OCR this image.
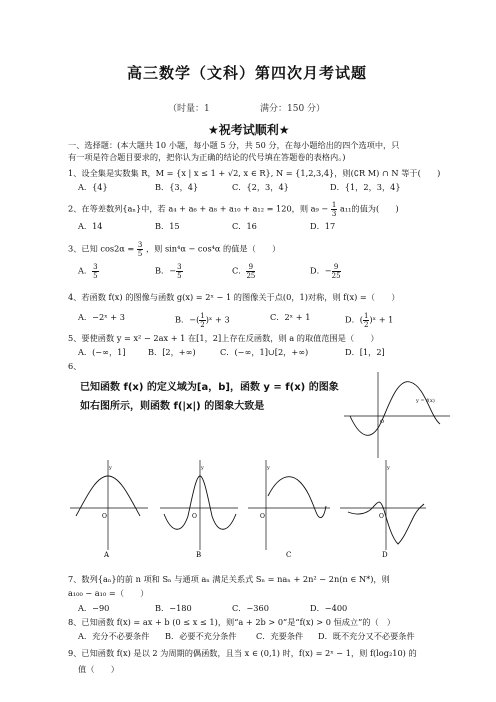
高三数学（文科）第四次月考试题
（时量：1	满分：150 分）
★祝考试顺利★
一、选择题：(本大题共 10 小题，每小题 5 分，共 50 分，在每小题给出的四个选项中，只
有一项是符合题目要求的，把你认为正确的结论的代号填在答题卷的表格内。)
1、设全集是实数集 R，M = {x | x ≤ 1 + √2, x ∈ R}, N = {1,2,3,4}，则(∁R M) ∩ N 等于(　　)
A．{4}	B．{3，4}	C．{2，3，4}	D．{1，2，3，4}
2、在等差数列{aₙ}中，若 a₄ + a₆ + a₈ + a₁₀ + a₁₂ = 120，则 $a_9 - \frac{1}{3} a_{11}$的值为(　　)
A．14	B．15	C．16	D．17
3、已知 $\cos 2\alpha = \frac{3}{5}$ ，则 sin⁴α − cos⁴α 的值是（　　）
A． $\frac{3}{5}$	B．− $\frac{3}{5}$	C． $\frac{9}{25}$	D．− $\frac{9}{25}$
4、若函数 f(x) 的图像与函数 g(x) = 2ˣ − 1 的图像关于点(0，1)对称，则 f(x) =（　　）
A．−2ˣ + 3	B．−( $\frac{1}{2}$ )ˣ + 3	C．2ˣ + 1	D．( $\frac{1}{2}$ )ˣ + 1
5、要使函数 y = x² − 2ax + 1 在[1，2]上存在反函数，则 a 的取值范围是（　　）
A．(−∞，1]	B．[2，+∞)	C．(−∞，1]∪[2，+∞)	D．[1，2]
6、
已知函数 f(x) 的定义域为[a，b]，函数 y = f(x) 的图象
如右图所示，则函数 f(|x|) 的图象大致是	y = f(x)
O
y
O
y
O
y
O
y
O
A	B	C	D
7、数列{aₙ}的前 n 项和 Sₙ 与通项 aₙ 满足关系式 Sₙ = naₙ + 2n² − 2n(n ∈ N*)，则
a₁₀₀ − a₁₀ =（　　）
A．−90	B．−180	C．−360	D．−400
8、已知函数 f(x) = ax + b (0 ≤ x ≤ 1)，则“a + 2b > 0”是“f(x) > 0 恒成立”的（　）
A．充分不必要条件 B．必要不充分条件 C．充要条件 D．既不充分又不必要条件
9、已知函数 f(x) 是以 2 为周期的偶函数，且当 x ∈ (0,1) 时，f(x) = 2ˣ − 1，则 f(log₂10) 的
值（　　）
